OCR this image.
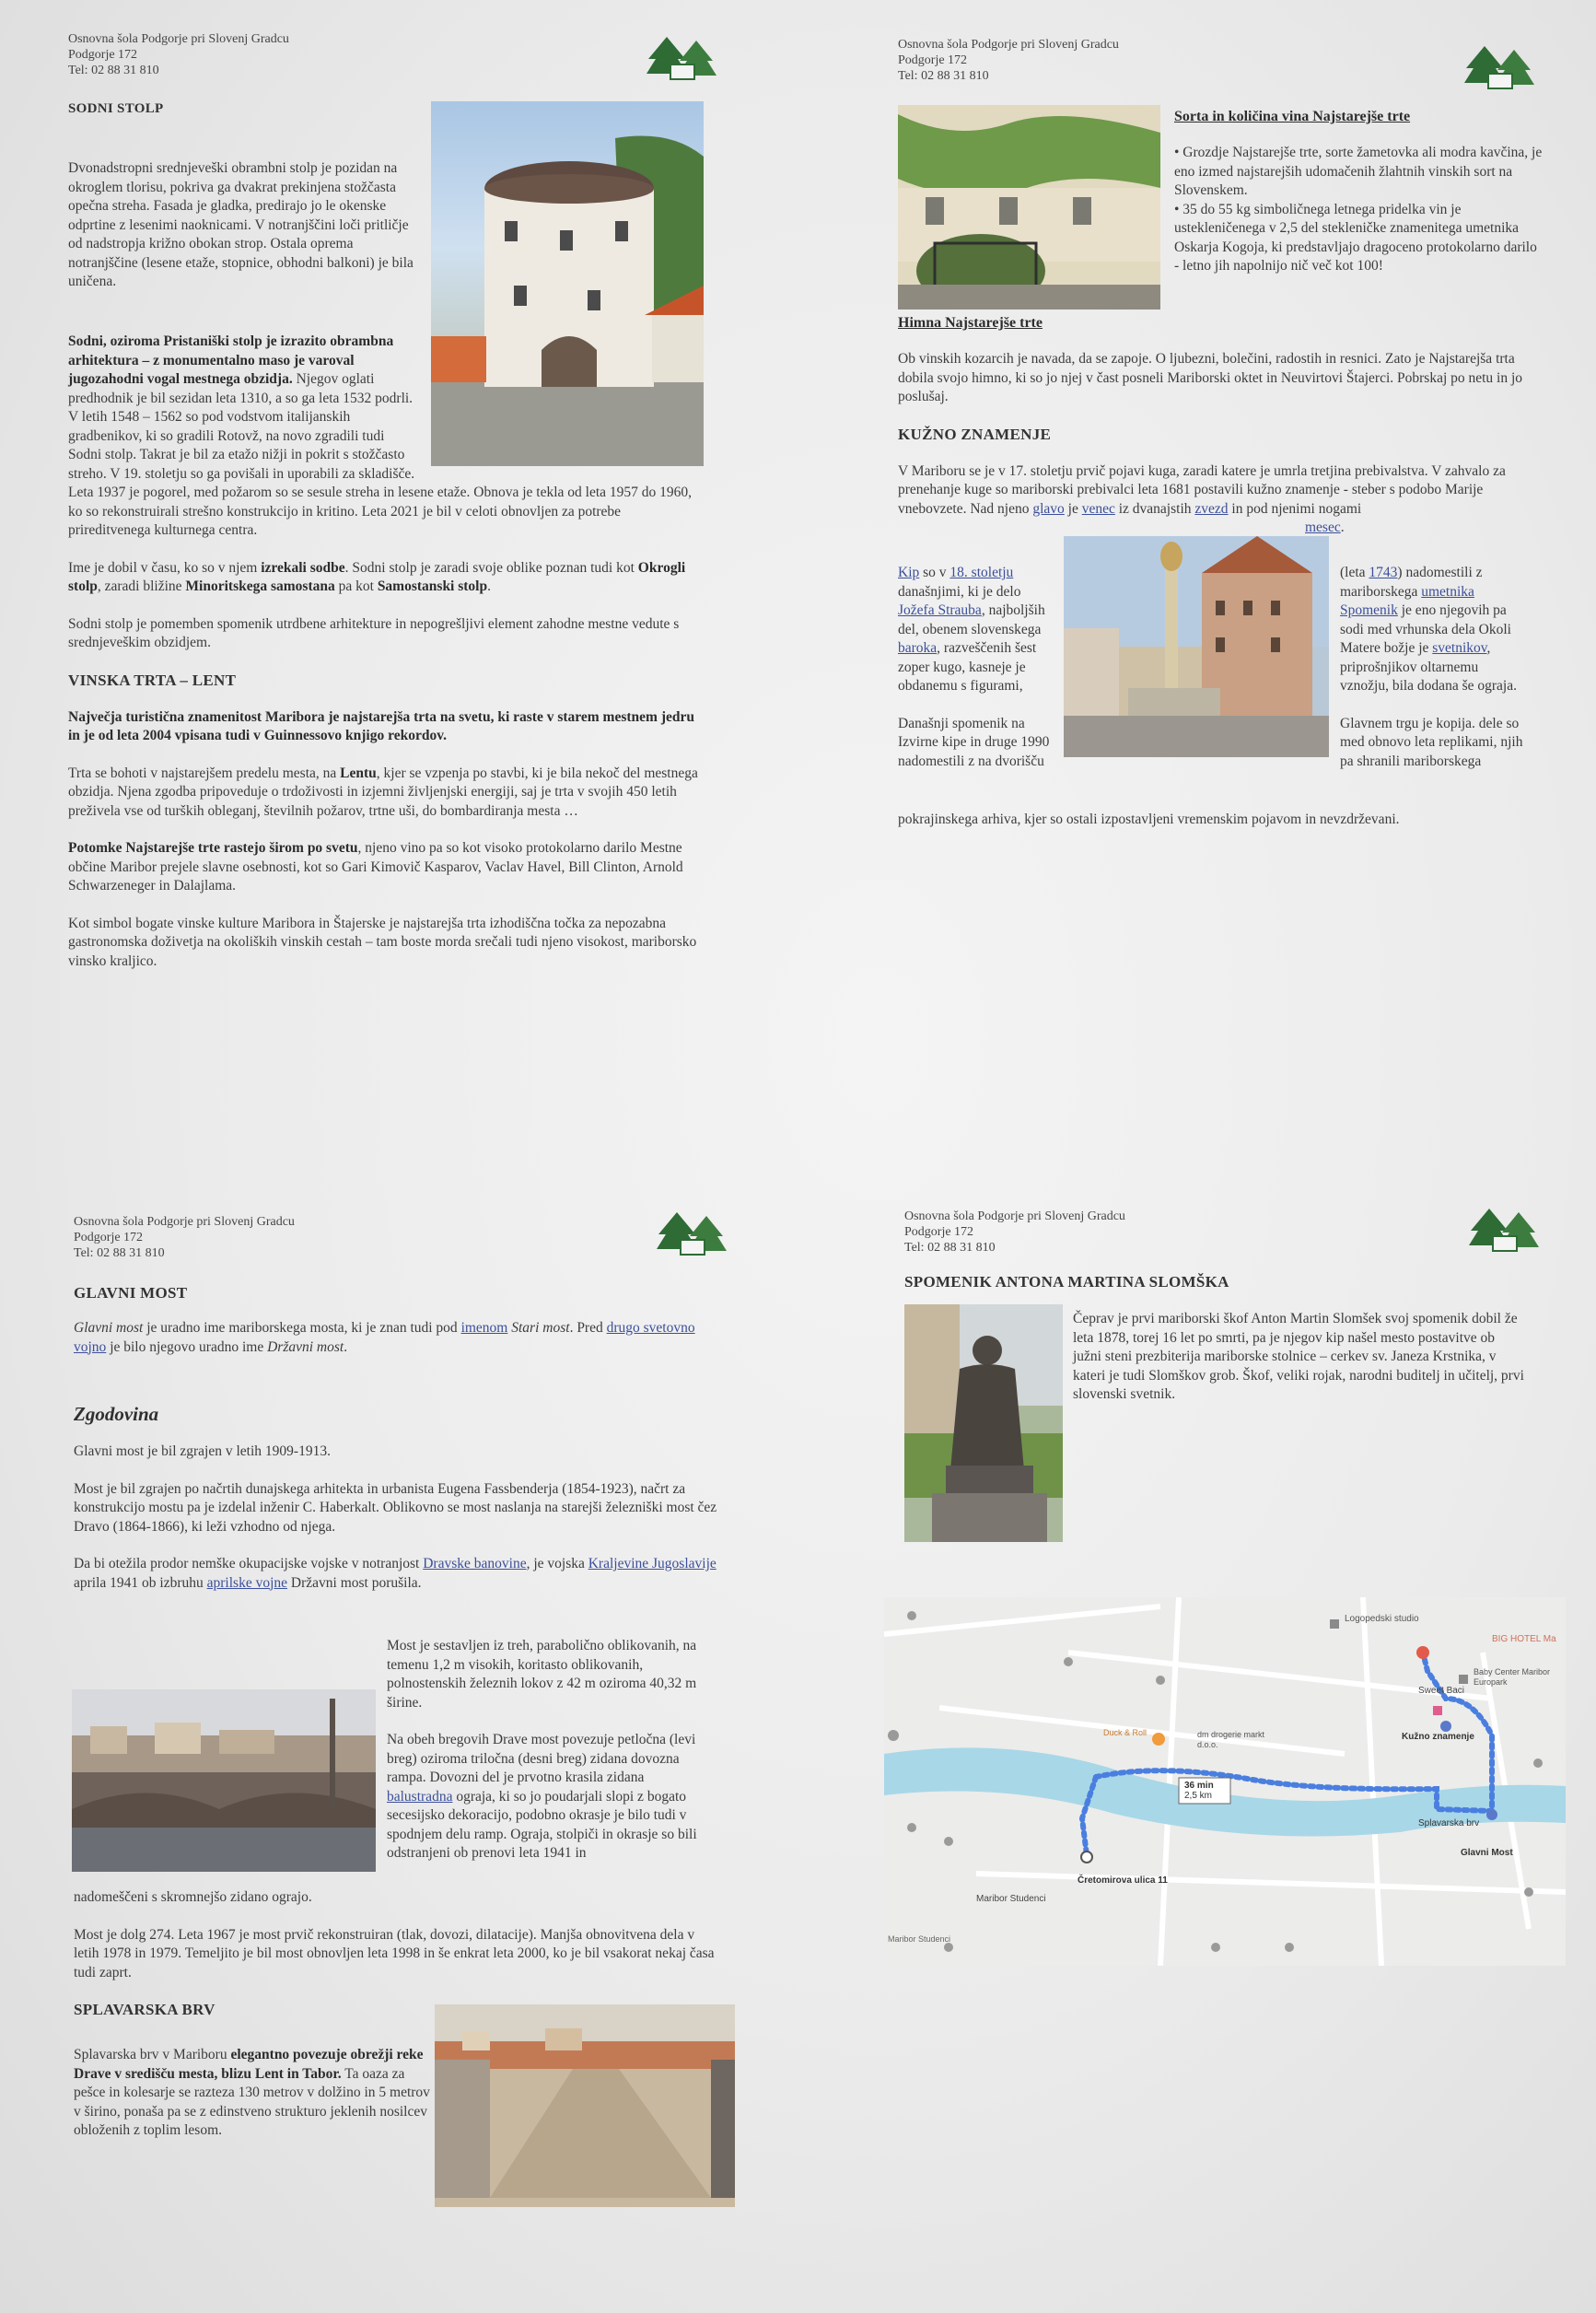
Osnovna šola Podgorje pri Slovenj Gradcu
Podgorje 172
Tel: 02 88 31 810
SODNI STOLP

Dvonadstropni srednjeveški obrambni stolp je pozidan na okroglem tlorisu, pokriva ga dvakrat prekinjena stožčasta opečna streha. Fasada je gladka, predirajo jo le okenske odprtine z lesenimi naoknicami. V notranjščini loči pritličje od nadstropja križno obokan strop. Ostala oprema notranjščine (lesene etaže, stopnice, obhodni balkoni) je bila uničena.

Sodni, oziroma Pristaniški stolp je izrazito obrambna arhitektura – z monumentalno maso je varoval jugozahodni vogal mestnega obzidja. Njegov oglati predhodnik je bil sezidan leta 1310, a so ga leta 1532 podrli. V letih 1548 – 1562 so pod vodstvom italijanskih gradbenikov, ki so gradili Rotovž, na novo zgradili tudi Sodni stolp. Takrat je bil za etažo nižji in pokrit s stožčasto streho. V 19. stoletju so ga povišali in uporabili za skladišče. Leta 1937 je pogorel, med požarom so se sesule streha in lesene etaže. Obnova je tekla od leta 1957 do 1960, ko so rekonstruirali strešno konstrukcijo in kritino. Leta 2021 je bil v celoti obnovljen za potrebe prireditvenega kulturnega centra.

Ime je dobil v času, ko so v njem izrekali sodbe. Sodni stolp je zaradi svoje oblike poznan tudi kot Okrogli stolp, zaradi bližine Minoritskega samostana pa kot Samostanski stolp.

Sodni stolp je pomemben spomenik utrdbene arhitekture in nepogrešljivi element zahodne mestne vedute s srednjeveškim obzidjem.

VINSKA TRTA – LENT

Največja turistična znamenitost Maribora je najstarejša trta na svetu, ki raste v starem mestnem jedru in je od leta 2004 vpisana tudi v Guinnessovo knjigo rekordov.

Trta se bohoti v najstarejšem predelu mesta, na Lentu, kjer se vzpenja po stavbi, ki je bila nekoč del mestnega obzidja. Njena zgodba pripoveduje o trdoživosti in izjemni življenjski energiji, saj je trta v svojih 450 letih preživela vse od turških obleganj, številnih požarov, trtne uši, do bombardiranja mesta …

Potomke Najstarejše trte rastejo širom po svetu, njeno vino pa so kot visoko protokolarno darilo Mestne občine Maribor prejele slavne osebnosti, kot so Gari Kimovič Kasparov, Vaclav Havel, Bill Clinton, Arnold Schwarzeneger in Dalajlama.

Kot simbol bogate vinske kulture Maribora in Štajerske je najstarejša trta izhodiščna točka za nepozabna gastronomska doživetja na okoliških vinskih cestah – tam boste morda srečali tudi njeno visokost, mariborsko vinsko kraljico.

Osnovna šola Podgorje pri Slovenj Gradcu
Podgorje 172
Tel: 02 88 31 810
Sorta in količina vina Najstarejše trte

• Grozdje Najstarejše trte, sorte žametovka ali modra kavčina, je eno izmed najstarejših udomačenih žlahtnih vinskih sort na Slovenskem.

• 35 do 55 kg simboličnega letnega pridelka vin je ustekleničenega v 2,5 del stekleničke znamenitega umetnika Oskarja Kogoja, ki predstavljajo dragoceno protokolarno darilo - letno jih napolnijo nič več kot 100!

Himna Najstarejše trte

Ob vinskih kozarcih je navada, da se zapoje. O ljubezni, bolečini, radostih in resnici. Zato je Najstarejša trta dobila svojo himno, ki so jo njej v čast posneli Mariborski oktet in Neuvirtovi Štajerci. Pobrskaj po netu in jo poslušaj.

KUŽNO ZNAMENJE

V Mariboru se je v 17. stoletju prvič pojavi kuga, zaradi katere je umrla tretjina prebivalstva. V zahvalo za prenehanje kuge so mariborski prebivalci leta 1681 postavili kužno znamenje - steber s podobo Marije vnebovzete. Nad njeno glavo je venec iz dvanajstih zvezd in pod njenimi nogami mesec.

Kip so v 18. stoletju današnjimi, ki je delo Jožefa Strauba, najboljših del, obenem slovenskega baroka, razveščenih šest zoper kugo, kasneje je obdanemu s figurami,

Današnji spomenik na Izvirne kipe in druge 1990 nadomestili z na dvorišču

(leta 1743) nadomestili z mariborskega umetnika Spomenik je eno njegovih pa sodi med vrhunska dela Okoli Matere božje je svetnikov, priprošnjikov oltarnemu vznožju, bila dodana še ograja.

Glavnem trgu je kopija. dele so med obnovo leta replikami, njih pa shranili mariborskega

pokrajinskega arhiva, kjer so ostali izpostavljeni vremenskim pojavom in nevzdrževani.

Osnovna šola Podgorje pri Slovenj Gradcu
Podgorje 172
Tel: 02 88 31 810
GLAVNI MOST

Glavni most je uradno ime mariborskega mosta, ki je znan tudi pod imenom Stari most. Pred drugo svetovno vojno je bilo njegovo uradno ime Državni most.

Zgodovina

Glavni most je bil zgrajen v letih 1909-1913.

Most je bil zgrajen po načrtih dunajskega arhitekta in urbanista Eugena Fassbenderja (1854-1923), načrt za konstrukcijo mostu pa je izdelal inženir C. Haberkalt. Oblikovno se most naslanja na starejši železniški most čez Dravo (1864-1866), ki leži vzhodno od njega.

Da bi otežila prodor nemške okupacijske vojske v notranjost Dravske banovine, je vojska Kraljevine Jugoslavije aprila 1941 ob izbruhu aprilske vojne Državni most porušila.

Most je sestavljen iz treh, paraboličnо oblikovanih, na temenu 1,2 m visokih, koritasto oblikovanih, polnostenskih železnih lokov z 42 m oziroma 40,32 m širine.

Na obeh bregovih Drave most povezuje petločna (levi breg) oziroma triločna (desni breg) zidana dovozna rampa. Dovozni del je prvotno krasila zidana balustradna ograja, ki so jo poudarjali slopi z bogato secesijsko dekoracijo, podobno okrasje je bilo tudi v spodnjem delu ramp. Ograja, stolpiči in okrasje so bili odstranjeni ob prenovi leta 1941 in

nadomeščeni s skromnejšo zidano ograjo.

Most je dolg 274. Leta 1967 je most prvič rekonstruiran (tlak, dovozi, dilatacije). Manjša obnovitvena dela v letih 1978 in 1979. Temeljito je bil most obnovljen leta 1998 in še enkrat leta 2000, ko je bil vsakorat nekaj časa tudi zaprt.

SPLAVARSKA BRV

Splavarska brv v Mariboru elegantno povezuje obrežji reke Drave v središču mesta, blizu Lent in Tabor. Ta oaza za pešce in kolesarje se razteza 130 metrov v dolžino in 5 metrov v širino, ponaša pa se z edinstveno strukturo jeklenih nosilcev obloženih z toplim lesom.

Osnovna šola Podgorje pri Slovenj Gradcu
Podgorje 172
Tel: 02 88 31 810
SPOMENIK ANTONA MARTINA SLOMŠKA

Čeprav je prvi mariborski škof Anton Martin Slomšek svoj spomenik dobil že leta 1878, torej 16 let po smrti, pa je njegov kip našel mesto postavitve ob južni steni prezbiterija mariborske stolnice – cerkev sv. Janeza Krstnika, v kateri je tudi Slomškov grob. Škof, veliki rojak, narodni buditelj in učitelj, prvi slovenski svetnik.

Logopedski studio
BIG HOTEL Ma
Baby Center Maribor Europark
Sweet Baci
Kužno znamenje
Splavarska brv
Glavni Most
dm drogerie markt d.o.o.
Duck & Roll
Čretomirova ulica 11
Maribor Studenci
Maribor Studenci
36 min
2,5 km
